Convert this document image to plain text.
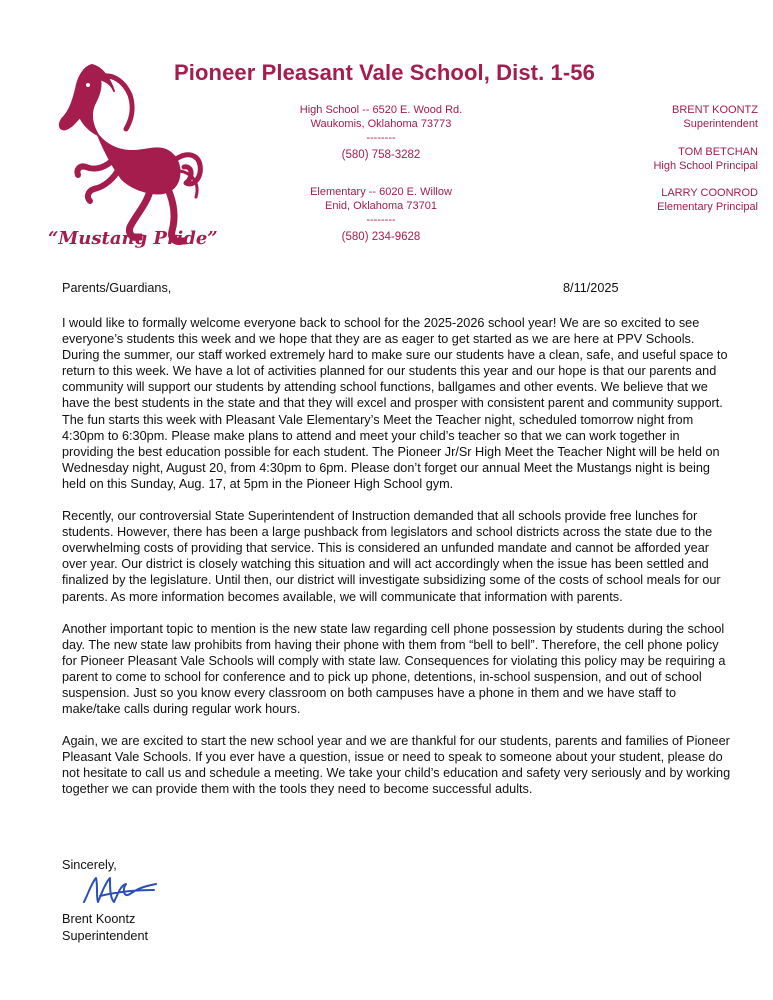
“Mustang Pride”
Pioneer Pleasant Vale School, Dist. 1-56
High School -- 6520 E. Wood Rd.
Waukomis, Oklahoma 73773
--------
(580) 758-3282
Elementary -- 6020 E. Willow
Enid, Oklahoma 73701
--------
(580) 234-9628
BRENT KOONTZ
Superintendent
TOM BETCHAN
High School Principal
LARRY COONROD
Elementary Principal
Parents/Guardians,	8/11/2025

I would like to formally welcome everyone back to school for the 2025-2026 school year! We are so excited to see everyone’s students this week and we hope that they are as eager to get started as we are here at PPV Schools. During the summer, our staff worked extremely hard to make sure our students have a clean, safe, and useful space to return to this week. We have a lot of activities planned for our students this year and our hope is that our parents and community will support our students by attending school functions, ballgames and other events. We believe that we have the best students in the state and that they will excel and prosper with consistent parent and community support.

The fun starts this week with Pleasant Vale Elementary’s Meet the Teacher night, scheduled tomorrow night from 4:30pm to 6:30pm. Please make plans to attend and meet your child’s teacher so that we can work together in providing the best education possible for each student. The Pioneer Jr/Sr High Meet the Teacher Night will be held on Wednesday night, August 20, from 4:30pm to 6pm. Please don’t forget our annual Meet the Mustangs night is being held on this Sunday, Aug. 17, at 5pm in the Pioneer High School gym.

Recently, our controversial State Superintendent of Instruction demanded that all schools provide free lunches for students. However, there has been a large pushback from legislators and school districts across the state due to the overwhelming costs of providing that service. This is considered an unfunded mandate and cannot be afforded year over year. Our district is closely watching this situation and will act accordingly when the issue has been settled and finalized by the legislature. Until then, our district will investigate subsidizing some of the costs of school meals for our parents. As more information becomes available, we will communicate that information with parents.

Another important topic to mention is the new state law regarding cell phone possession by students during the school day. The new state law prohibits from having their phone with them from “bell to bell”. Therefore, the cell phone policy for Pioneer Pleasant Vale Schools will comply with state law. Consequences for violating this policy may be requiring a parent to come to school for conference and to pick up phone, detentions, in-school suspension, and out of school suspension. Just so you know every classroom on both campuses have a phone in them and we have staff to make/take calls during regular work hours.

Again, we are excited to start the new school year and we are thankful for our students, parents and families of Pioneer Pleasant Vale Schools. If you ever have a question, issue or need to speak to someone about your student, please do not hesitate to call us and schedule a meeting. We take your child’s education and safety very seriously and by working together we can provide them with the tools they need to become successful adults.

Sincerely,
Brent Koontz
Superintendent
